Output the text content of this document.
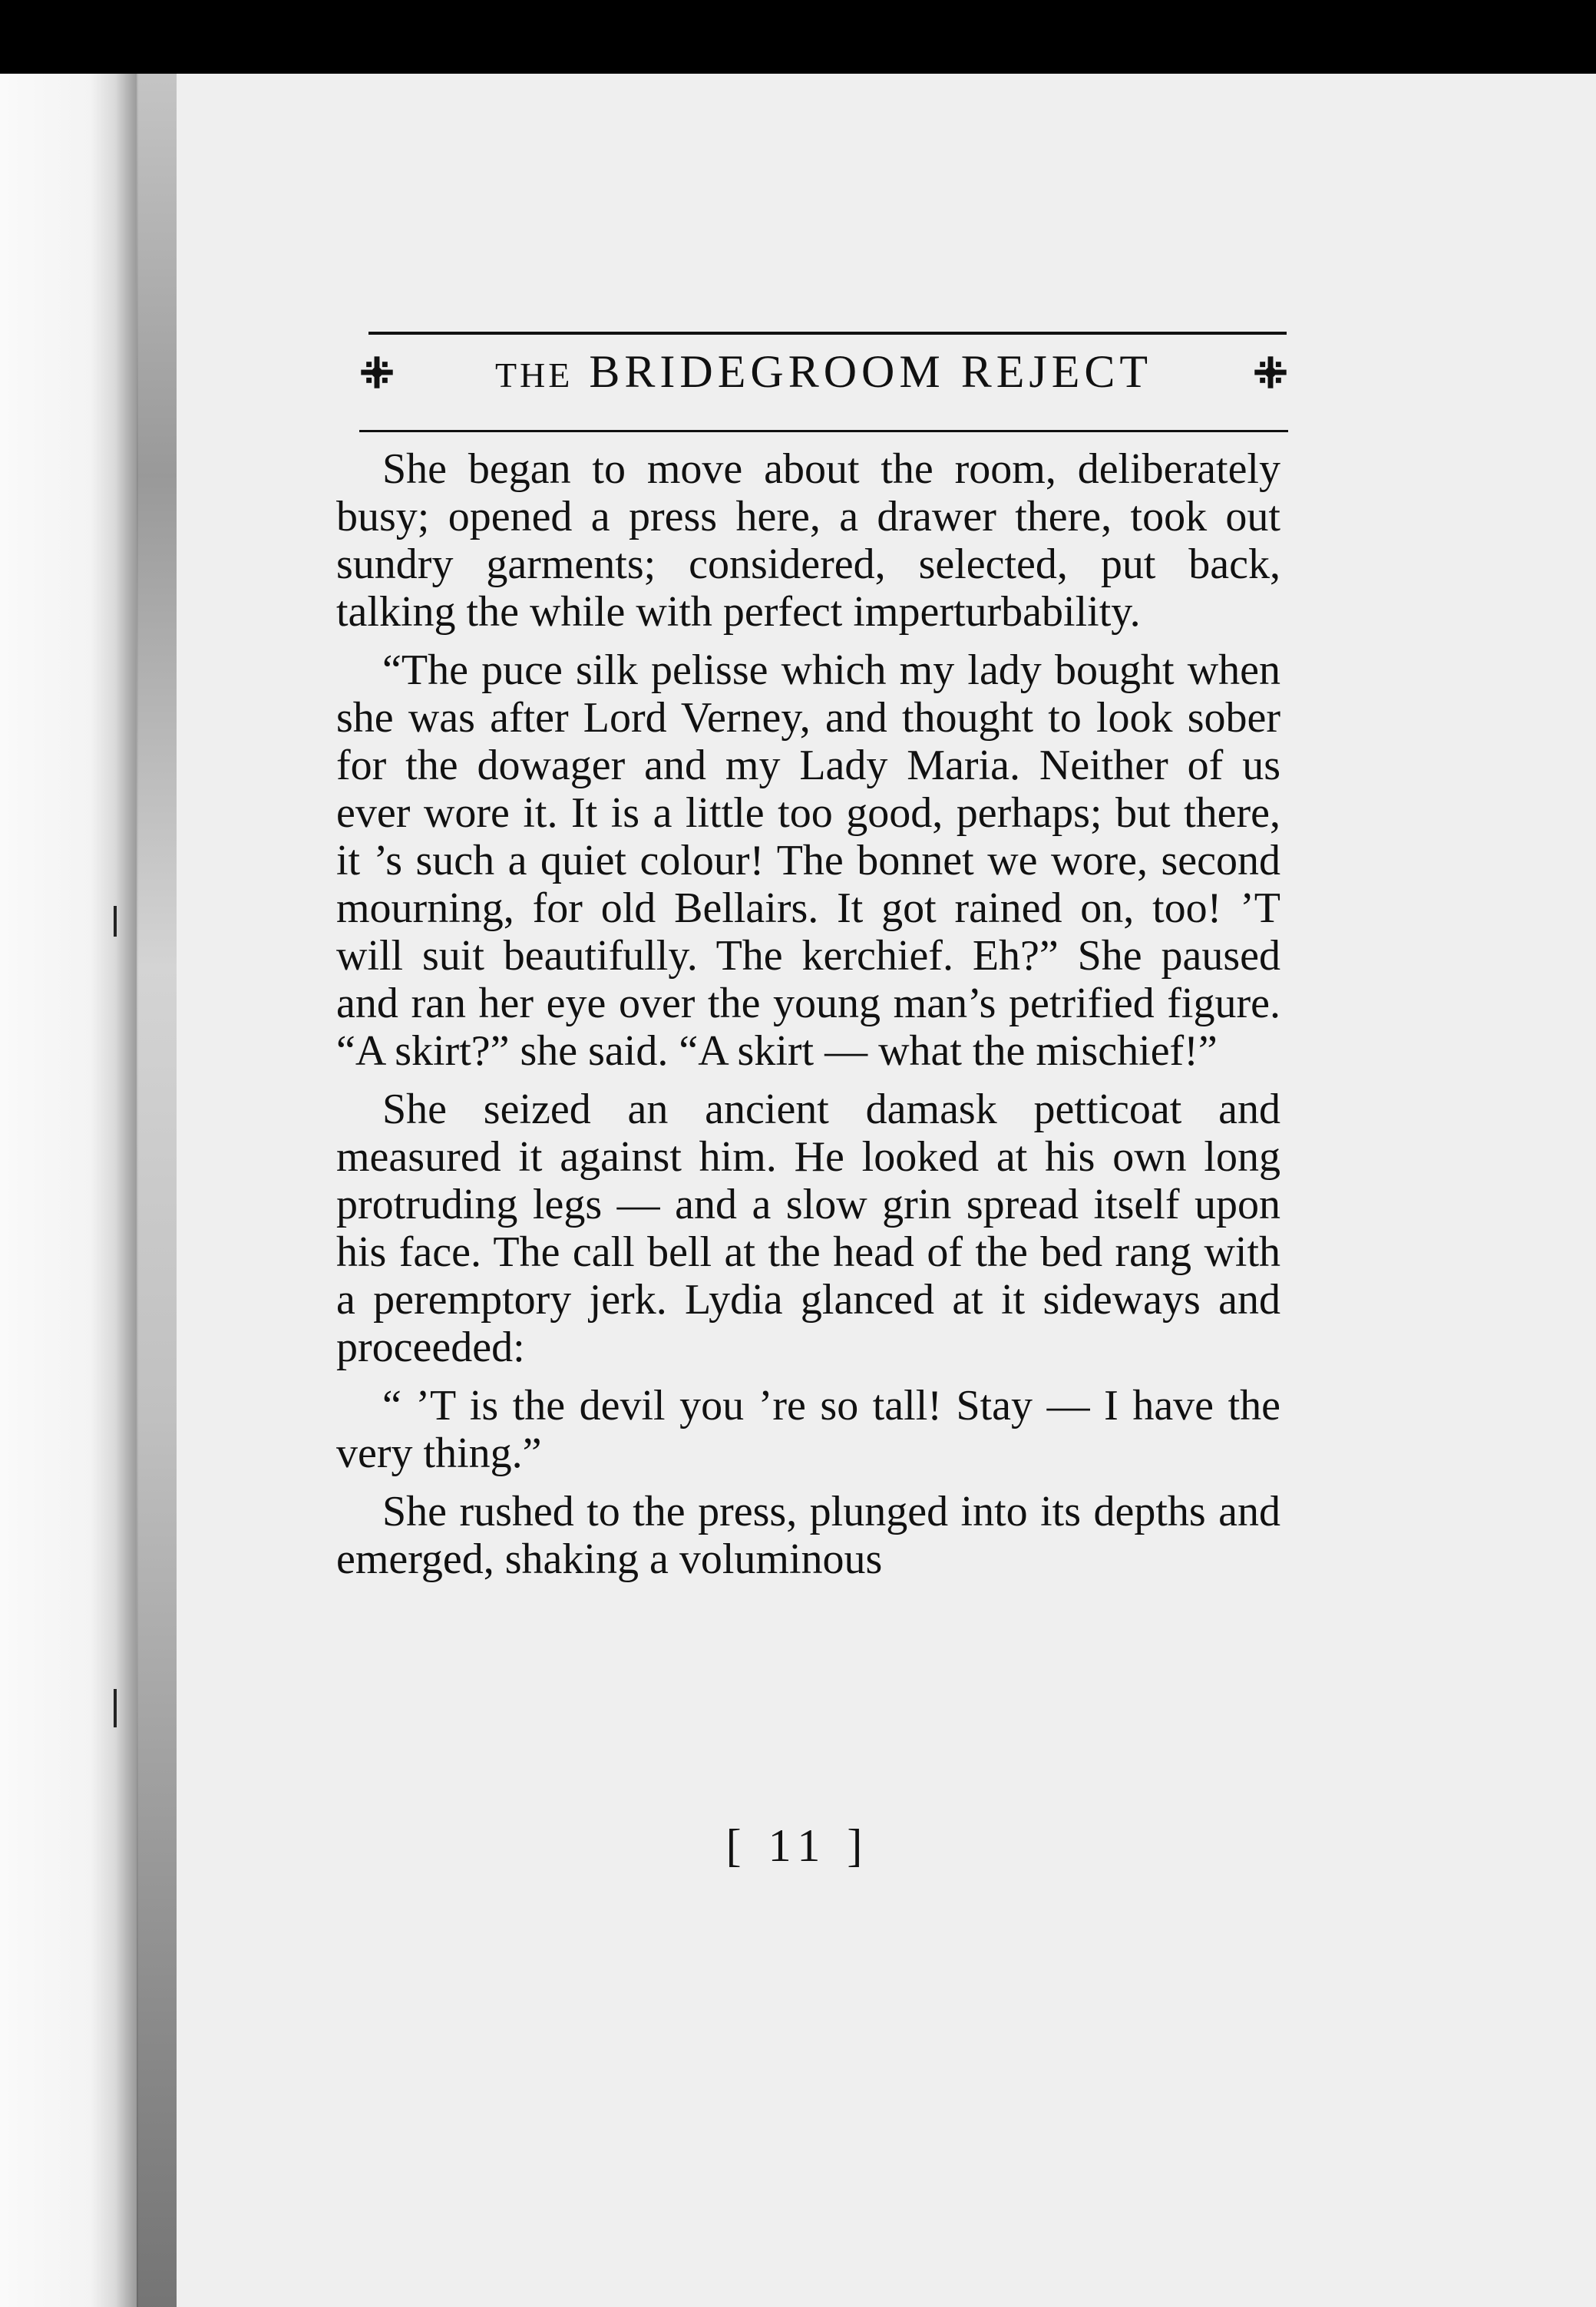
THE BRIDEGROOM REJECT

She began to move about the room, deliberately busy; opened a press here, a drawer there, took out sundry garments; considered, selected, put back, talking the while with perfect imperturbability.

“The puce silk pelisse which my lady bought when she was after Lord Verney, and thought to look sober for the dowager and my Lady Maria. Neither of us ever wore it. It is a little too good, perhaps; but there, it ’s such a quiet colour! The bonnet we wore, second mourning, for old Bellairs. It got rained on, too! ’T will suit beautifully. The kerchief. Eh?” She paused and ran her eye over the young man’s petrified figure. “A skirt?” she said. “A skirt — what the mischief!”

She seized an ancient damask petticoat and measured it against him. He looked at his own long protruding legs — and a slow grin spread itself upon his face. The call bell at the head of the bed rang with a peremptory jerk. Lydia glanced at it sideways and proceeded:

“ ’T is the devil you ’re so tall! Stay — I have the very thing.”

She rushed to the press, plunged into its depths and emerged, shaking a voluminous

[ 11 ]
